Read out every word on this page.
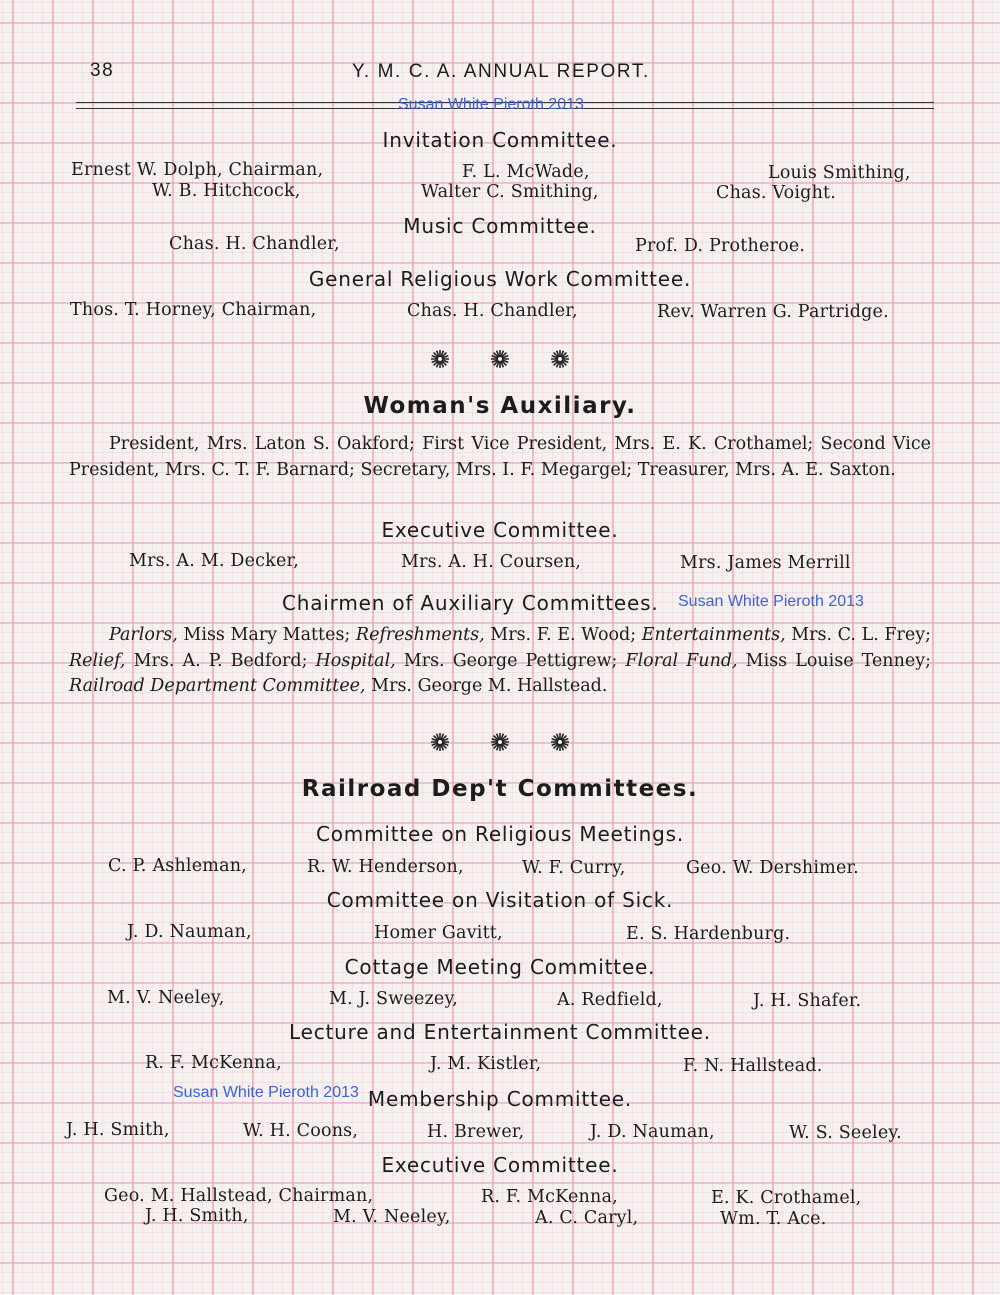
38	Y. M. C. A. ANNUAL REPORT.
Susan White Pieroth 2013
Invitation Committee.
Ernest W. Dolph, Chairman,	F. L. McWade,	Louis Smithing,
W. B. Hitchcock,	Walter C. Smithing,	Chas. Voight.
Music Committee.
Chas. H. Chandler,	Prof. D. Protheroe.
General Religious Work Committee.
Thos. T. Horney, Chairman,	Chas. H. Chandler,	Rev. Warren G. Partridge.
Woman's Auxiliary.

President, Mrs. Laton S. Oakford; First Vice President, Mrs. E. K. Crothamel; Second Vice President, Mrs. C. T. F. Barnard; Secretary, Mrs. I. F. Megargel; Treasurer, Mrs. A. E. Saxton.

Executive Committee.
Mrs. A. M. Decker,	Mrs. A. H. Coursen,	Mrs. James Merrill
Chairmen of Auxiliary Committees. Susan White Pieroth 2013

Parlors, Miss Mary Mattes; Refreshments, Mrs. F. E. Wood; Entertainments, Mrs. C. L. Frey; Relief, Mrs. A. P. Bedford; Hospital, Mrs. George Pettigrew; Floral Fund, Miss Louise Tenney; Railroad Department Committee, Mrs. George M. Hallstead.

Railroad Dep't Committees.
Committee on Religious Meetings.
C. P. Ashleman,	R. W. Henderson,	W. F. Curry,	Geo. W. Dershimer.
Committee on Visitation of Sick.
J. D. Nauman,	Homer Gavitt,	E. S. Hardenburg.
Cottage Meeting Committee.
M. V. Neeley,	M. J. Sweezey,	A. Redfield,	J. H. Shafer.
Lecture and Entertainment Committee.
R. F. McKenna,	J. M. Kistler,	F. N. Hallstead.
Membership Committee.
Susan White Pieroth 2013
J. H. Smith,	W. H. Coons,	H. Brewer,	J. D. Nauman,	W. S. Seeley.
Executive Committee.
Geo. M. Hallstead, Chairman,	R. F. McKenna,	E. K. Crothamel,
J. H. Smith,	M. V. Neeley,	A. C. Caryl,	Wm. T. Ace.
